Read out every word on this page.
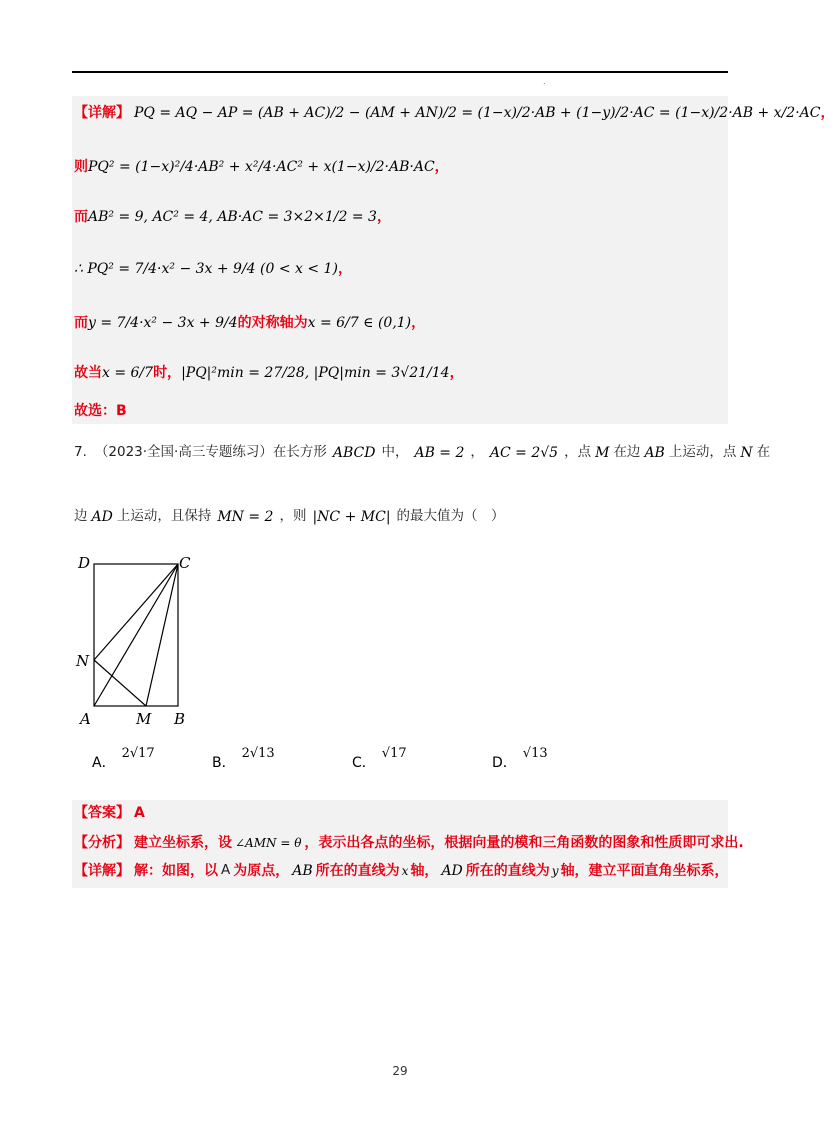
.
【详解】 PQ = AQ − AP = (AB + AC)/2 − (AM + AN)/2 = (1−x)/2·AB + (1−y)/2·AC = (1−x)/2·AB + x/2·AC ，
则 PQ² = (1−x)²/4·AB² + x²/4·AC² + x(1−x)/2·AB·AC ，
而 AB² = 9, AC² = 4, AB·AC = 3×2×1/2 = 3 ，
∴ PQ² = 7/4·x² − 3x + 9/4 (0 < x < 1) ，
而 y = 7/4·x² − 3x + 9/4 的对称轴为 x = 6/7 ∈ (0,1) ，
故当 x = 6/7 时， |PQ|²min = 27/28, |PQ|min = 3√21/14 ，
故选：B
7. （2023·全国·高三专题练习）在长方形 ABCD 中， AB = 2 ， AC = 2√5 ，点 M 在边 AB 上运动，点 N 在
边 AD 上运动，且保持 MN = 2 ，则 |NC + MC| 的最大值为（　）
D	C
N
A	M B
A．2√17
B．2√13
C．√17
D．√13
【答案】 A
【分析】 建立坐标系，设 ∠AMN = θ ，表示出各点的坐标，根据向量的模和三角函数的图象和性质即可求出.
【详解】 解：如图，以 A 为原点， AB 所在的直线为 x 轴， AD 所在的直线为 y 轴，建立平面直角坐标系，
29
